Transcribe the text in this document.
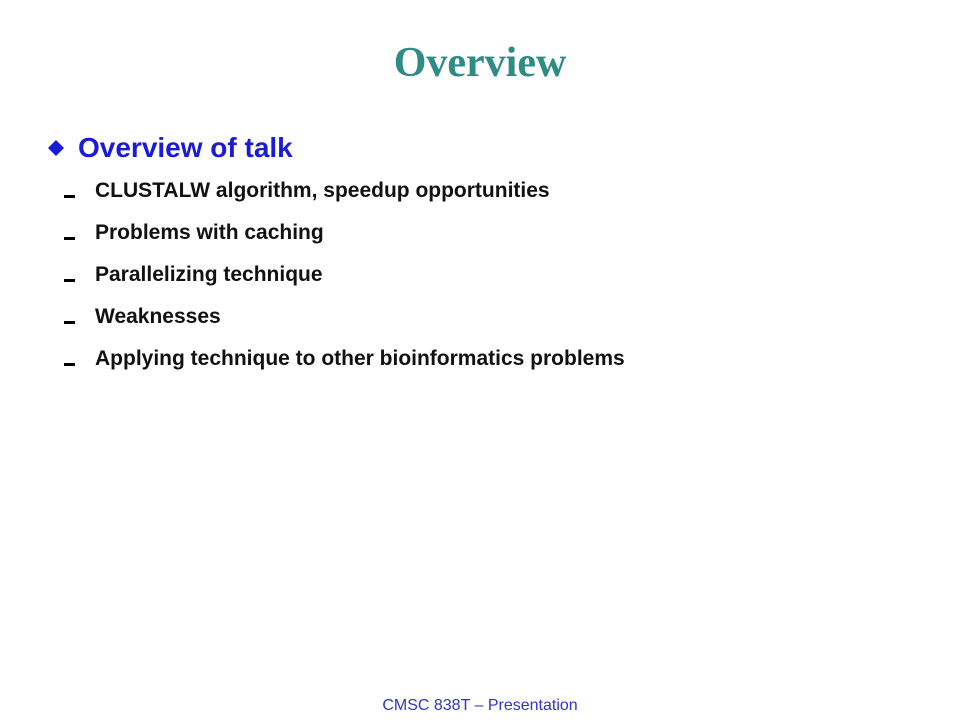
Overview
Overview of talk
CLUSTALW algorithm, speedup opportunities
Problems with caching
Parallelizing technique
Weaknesses
Applying technique to other bioinformatics problems
CMSC 838T – Presentation
